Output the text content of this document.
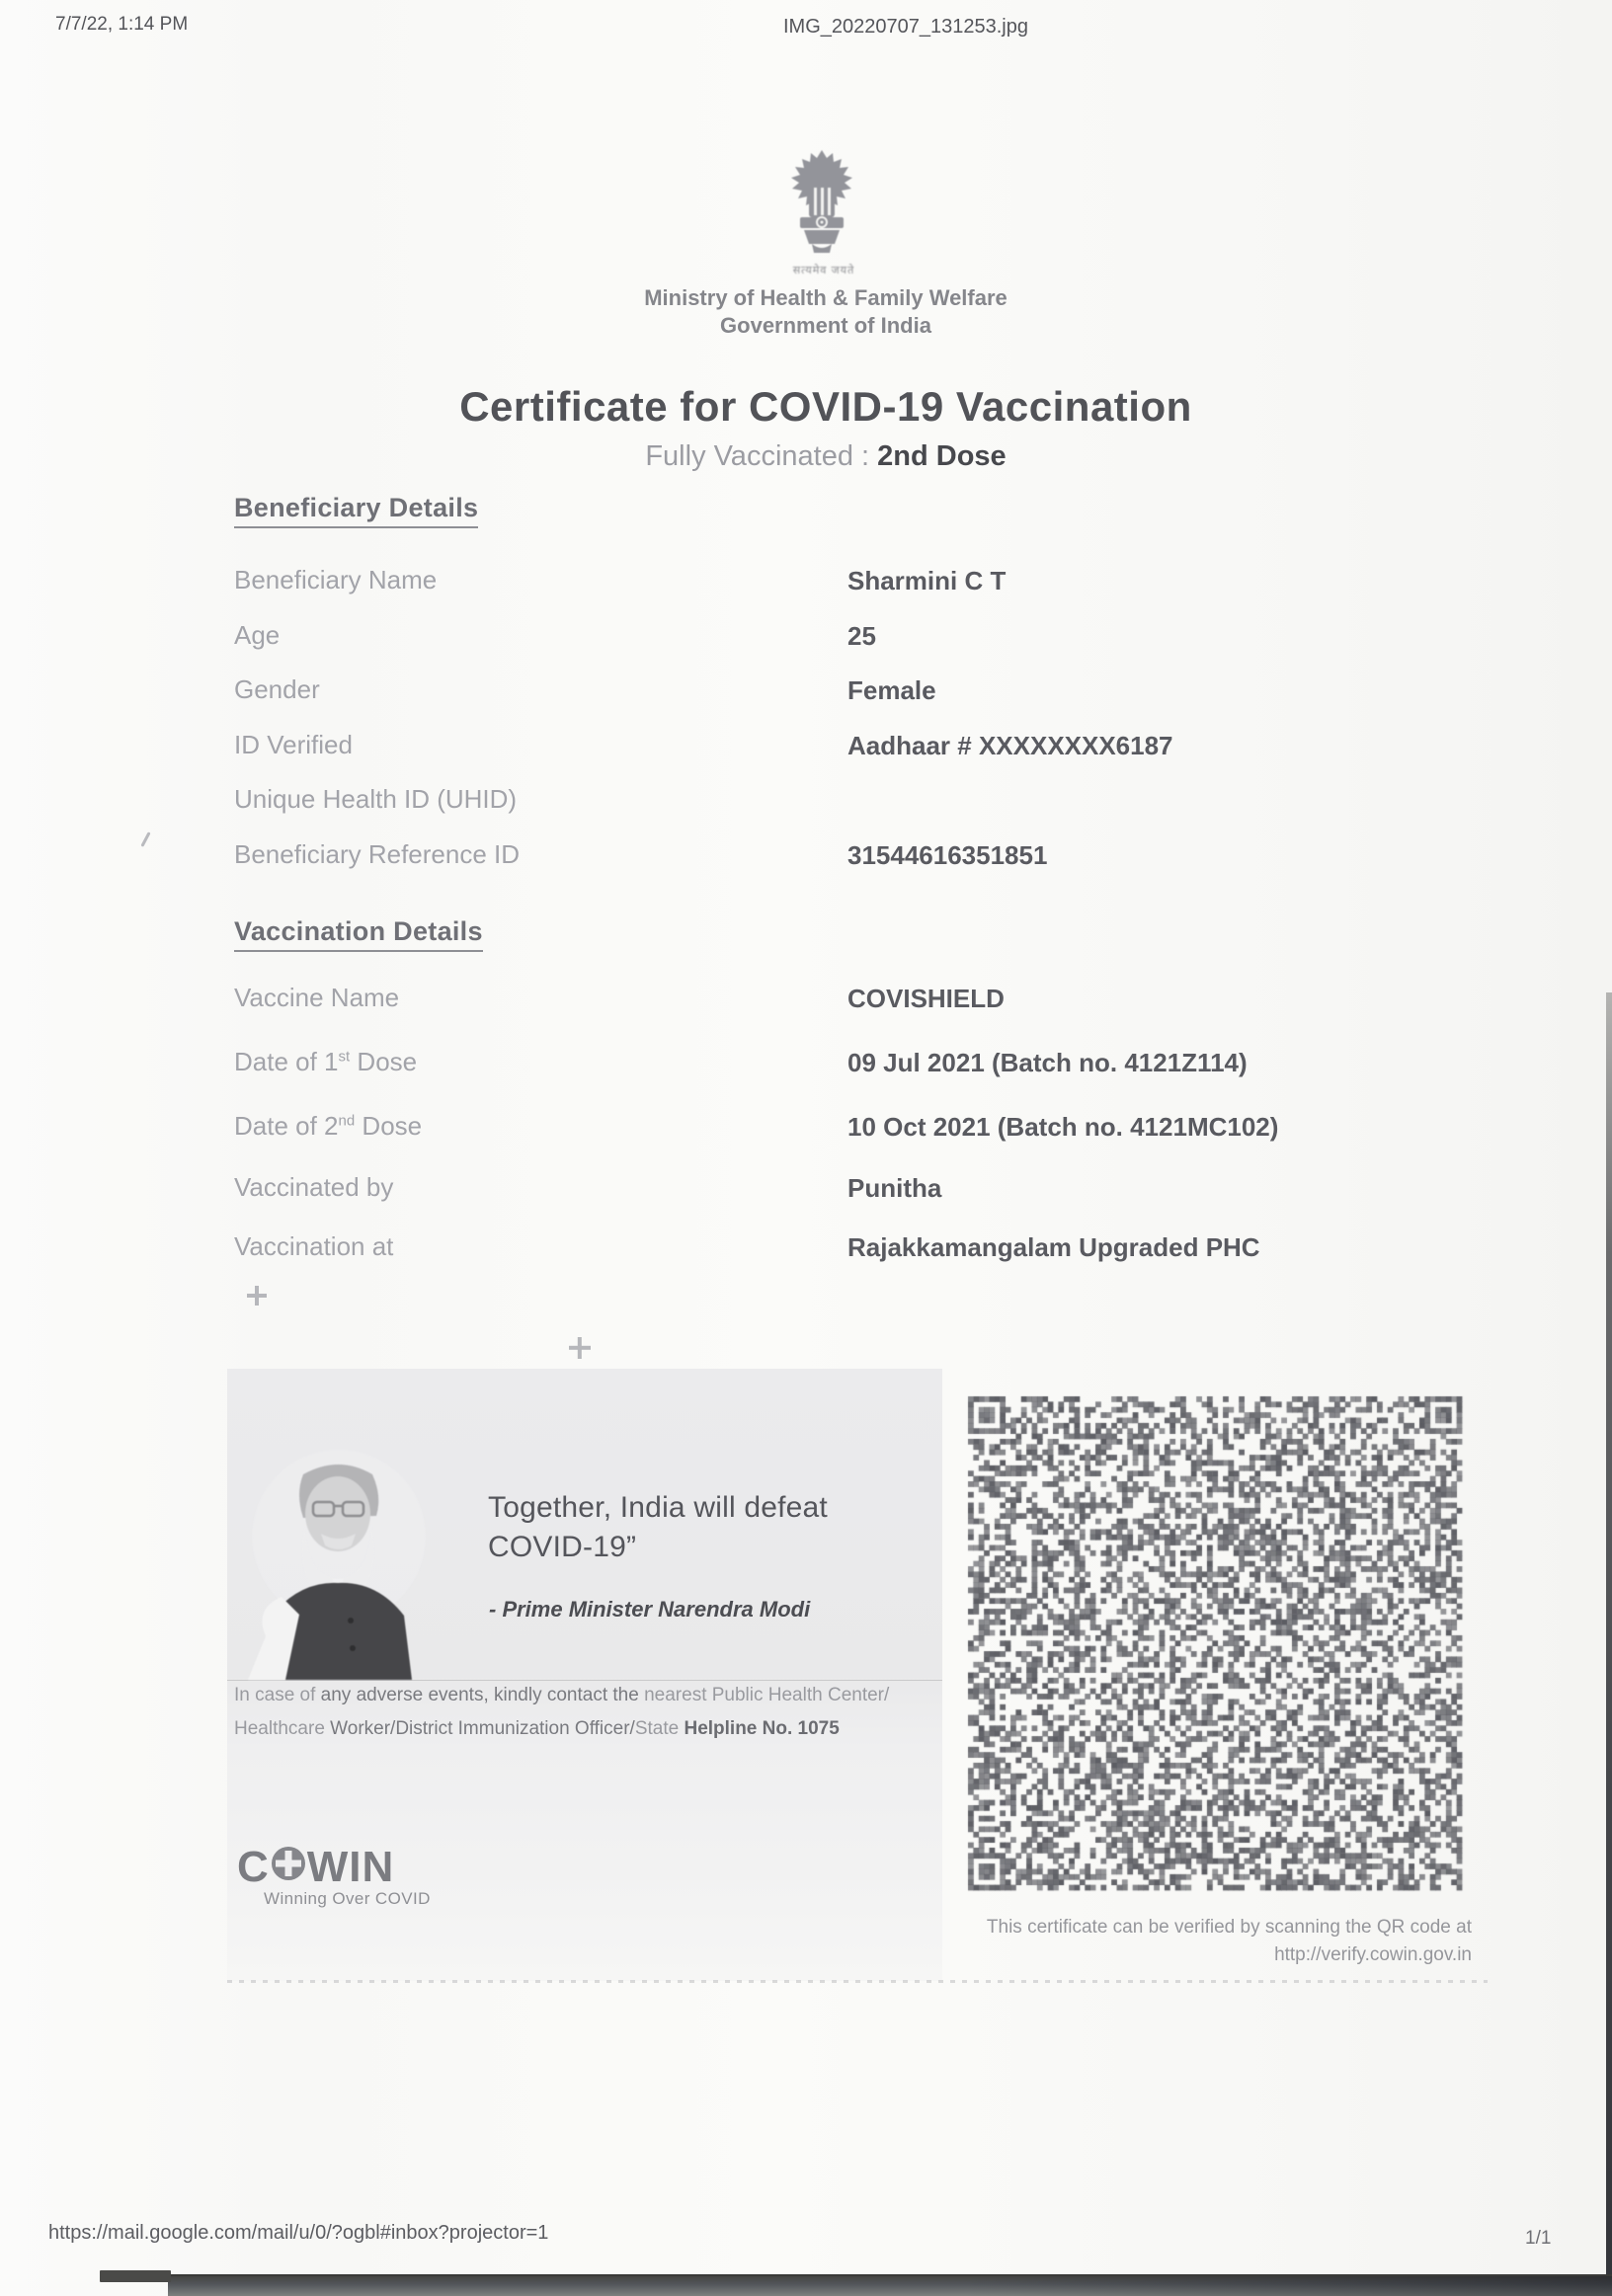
7/7/22, 1:14 PM	IMG_20220707_131253.jpg
सत्यमेव जयते
Ministry of Health & Family Welfare
Government of India
Certificate for COVID-19 Vaccination
Fully Vaccinated : 2nd Dose
Beneficiary Details
Beneficiary Name	Sharmini C T
Age	25
Gender	Female
ID Verified	Aadhaar # XXXXXXXX6187
Unique Health ID (UHID)
Beneficiary Reference ID	31544616351851
Vaccination Details
Vaccine Name	COVISHIELD
Date of 1st Dose	09 Jul 2021 (Batch no. 4121Z114)
Date of 2nd Dose	10 Oct 2021 (Batch no. 4121MC102)
Vaccinated by	Punitha
Vaccination at	Rajakkamangalam Upgraded PHC
Together, India will defeat
COVID-19”
- Prime Minister Narendra Modi
In case of any adverse events, kindly contact the nearest Public Health Center/
Healthcare Worker/District Immunization Officer/State Helpline No. 1075
C WIN
Winning Over COVID
This certificate can be verified by scanning the QR code at
http://verify.cowin.gov.in
https://mail.google.com/mail/u/0/?ogbl#inbox?projector=1	1/1
